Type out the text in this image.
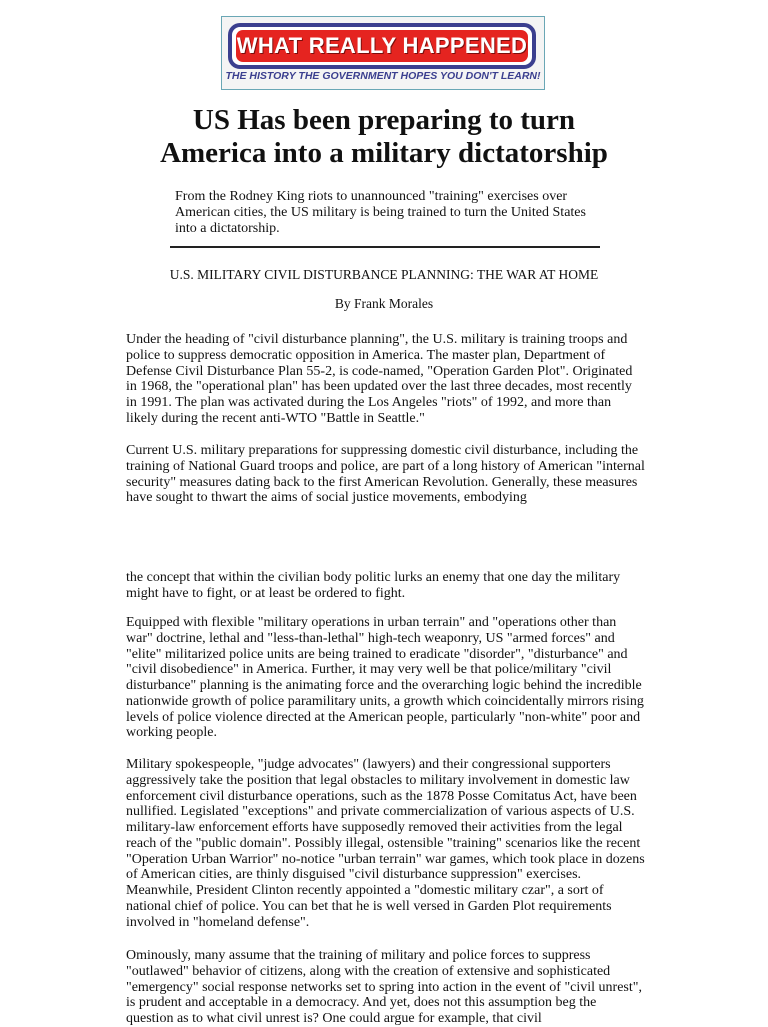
WHAT REALLY HAPPENED
THE HISTORY THE GOVERNMENT HOPES YOU DON'T LEARN!
US Has been preparing to turn
America into a military dictatorship

From the Rodney King riots to unannounced "training" exercises over American cities, the US military is being trained to turn the United States into a dictatorship.

U.S. MILITARY CIVIL DISTURBANCE PLANNING: THE WAR AT HOME

By Frank Morales

Under the heading of "civil disturbance planning", the U.S. military is training troops and police to suppress democratic opposition in America. The master plan, Department of Defense Civil Disturbance Plan 55-2, is code-named, "Operation Garden Plot". Originated in 1968, the "operational plan" has been updated over the last three decades, most recently in 1991. The plan was activated during the Los Angeles "riots" of 1992, and more than likely during the recent anti-WTO "Battle in Seattle."

Current U.S. military preparations for suppressing domestic civil disturbance, including the training of National Guard troops and police, are part of a long history of American "internal security" measures dating back to the first American Revolution. Generally, these measures have sought to thwart the aims of social justice movements, embodying

the concept that within the civilian body politic lurks an enemy that one day the military might have to fight, or at least be ordered to fight.

Equipped with flexible "military operations in urban terrain" and "operations other than war" doctrine, lethal and "less-than-lethal" high-tech weaponry, US "armed forces" and "elite" militarized police units are being trained to eradicate "disorder", "disturbance" and "civil disobedience" in America. Further, it may very well be that police/military "civil disturbance" planning is the animating force and the overarching logic behind the incredible nationwide growth of police paramilitary units, a growth which coincidentally mirrors rising levels of police violence directed at the American people, particularly "non-white" poor and working people.

Military spokespeople, "judge advocates" (lawyers) and their congressional supporters aggressively take the position that legal obstacles to military involvement in domestic law enforcement civil disturbance operations, such as the 1878 Posse Comitatus Act, have been nullified. Legislated "exceptions" and private commercialization of various aspects of U.S. military-law enforcement efforts have supposedly removed their activities from the legal reach of the "public domain". Possibly illegal, ostensible "training" scenarios like the recent "Operation Urban Warrior" no-notice "urban terrain" war games, which took place in dozens of American cities, are thinly disguised "civil disturbance suppression" exercises. Meanwhile, President Clinton recently appointed a "domestic military czar", a sort of national chief of police. You can bet that he is well versed in Garden Plot requirements involved in "homeland defense".

Ominously, many assume that the training of military and police forces to suppress "outlawed" behavior of citizens, along with the creation of extensive and sophisticated "emergency" social response networks set to spring into action in the event of "civil unrest", is prudent and acceptable in a democracy. And yet, does not this assumption beg the question as to what civil unrest is? One could argue for example, that civil
